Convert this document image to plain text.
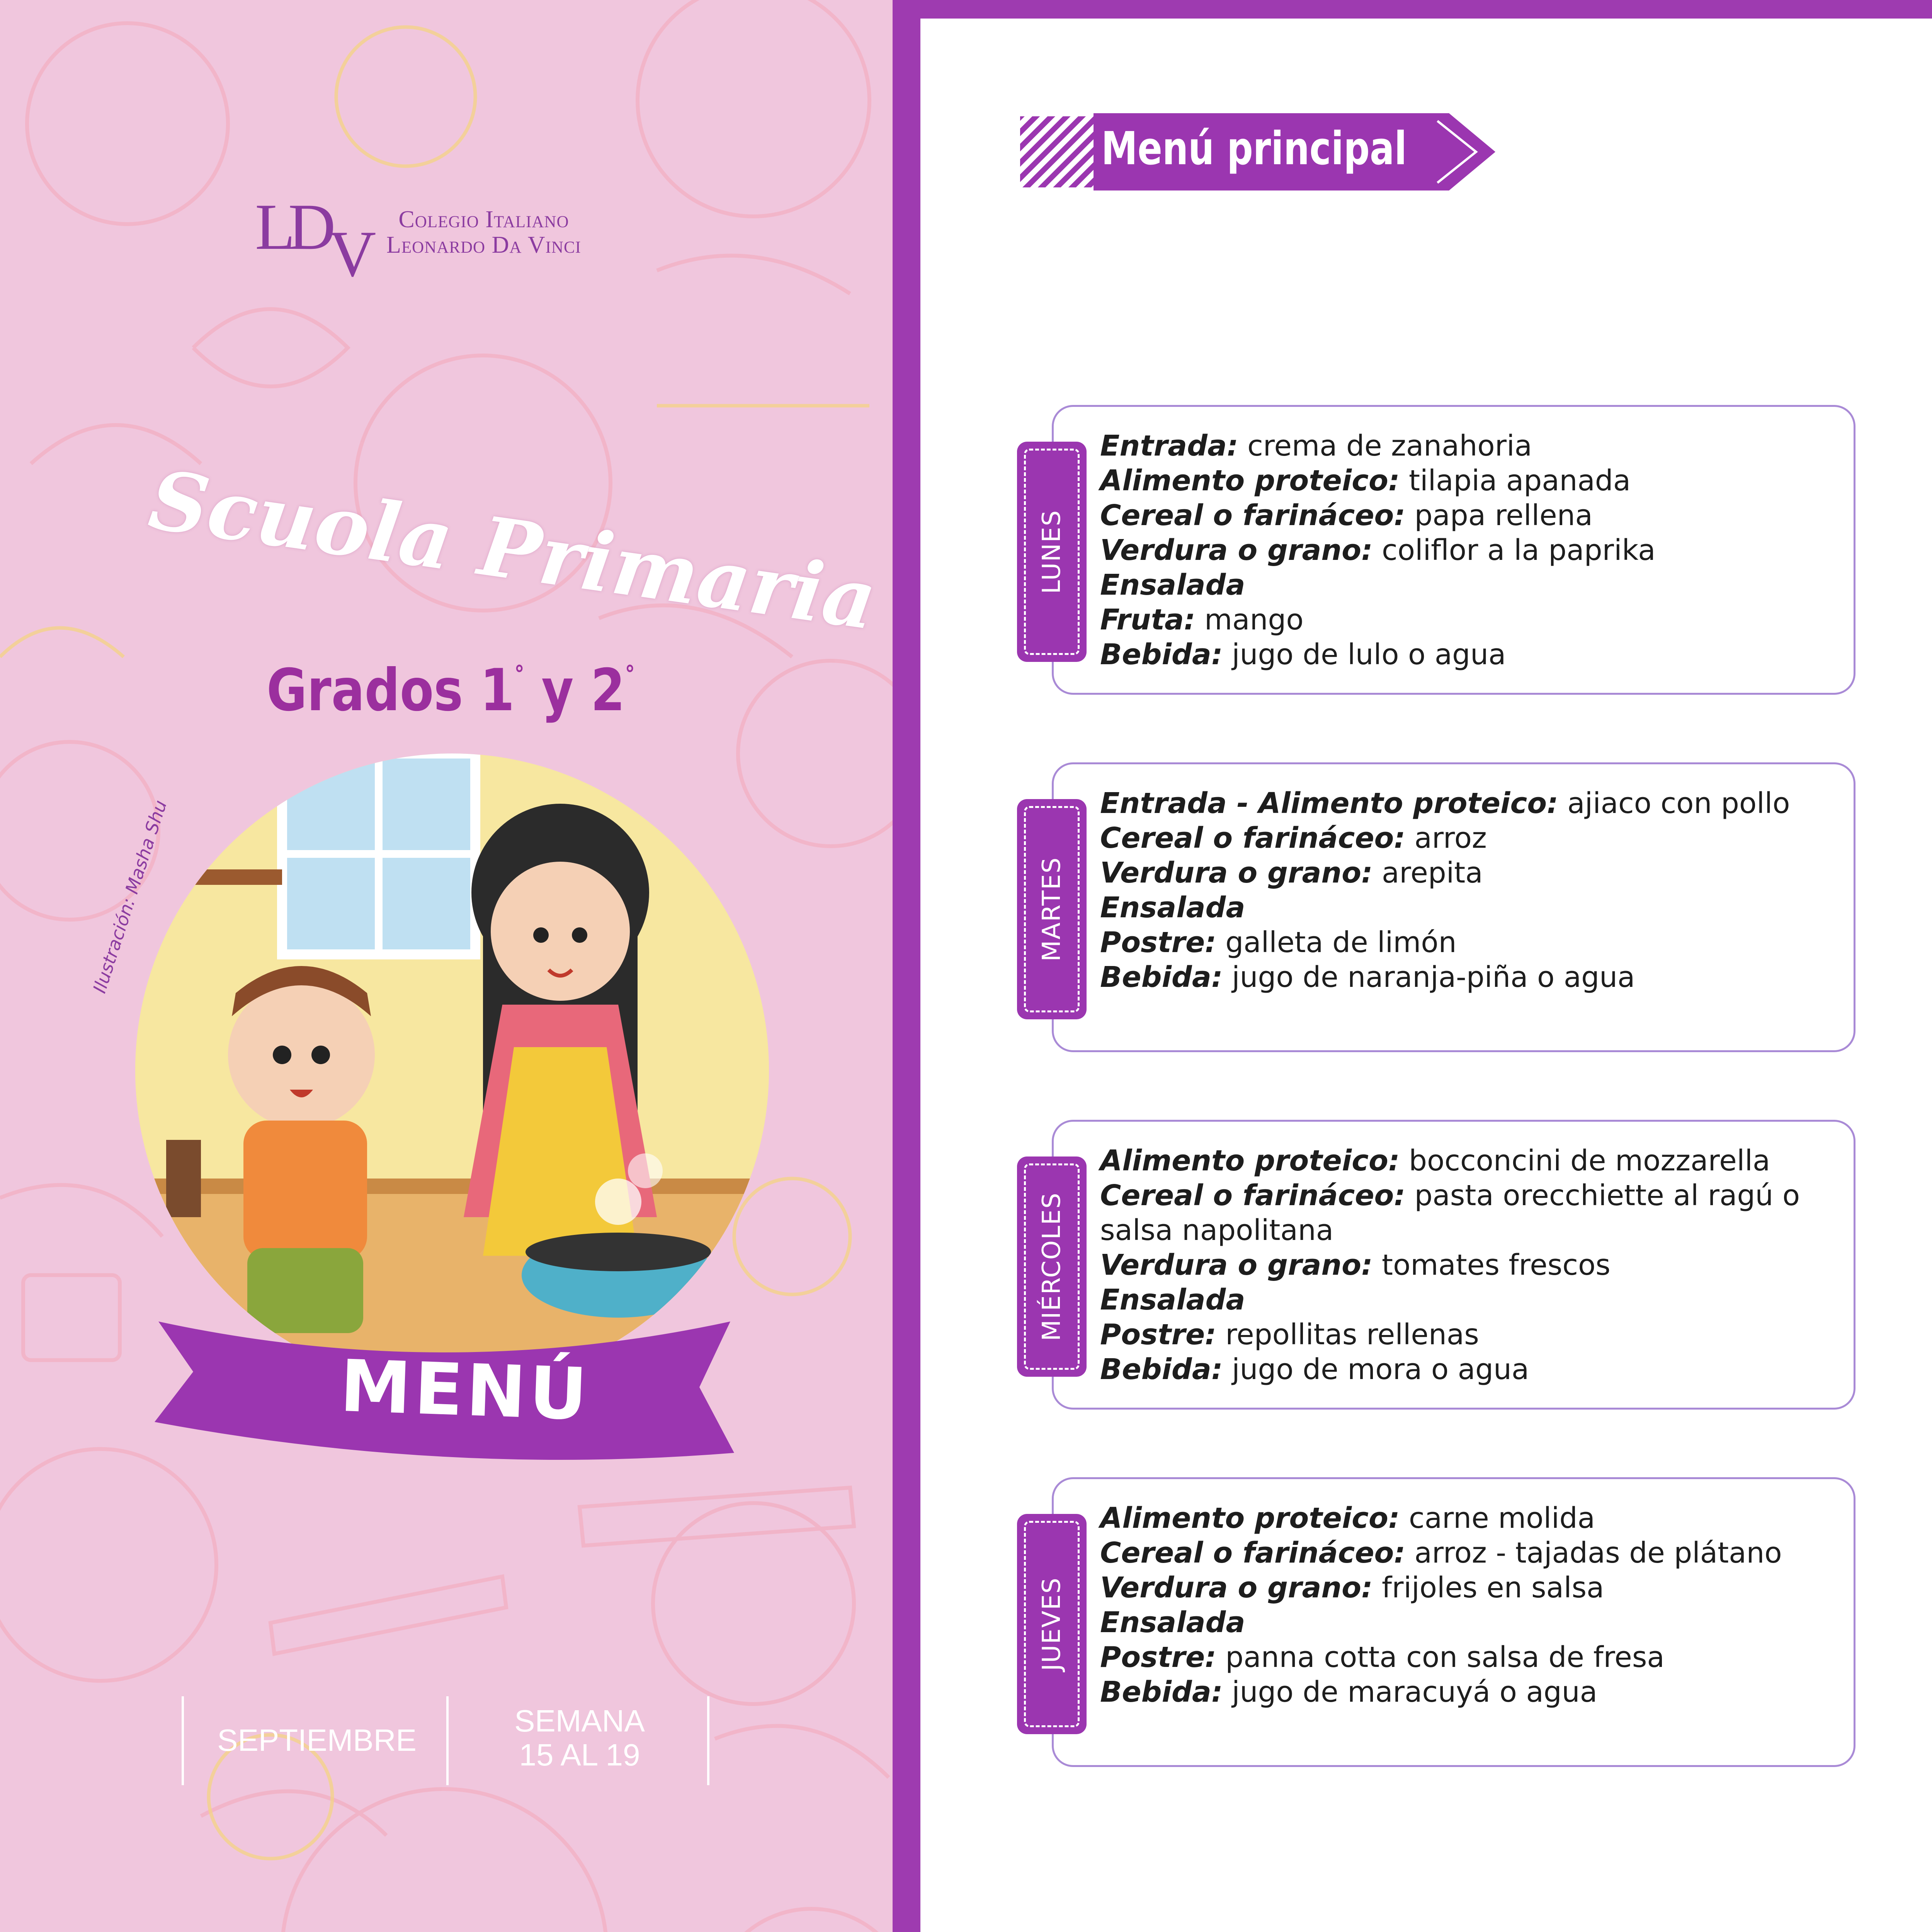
LDV	Colegio Italiano
Leonardo Da Vinci
Scuola Primaria
Grados 1° y 2°
Ilustración: Masha Shu
MENÚ
SEPTIEMBRE
SEMANA
15 AL 19
Menú principal
LUNES
Entrada: crema de zanahoria
Alimento proteico: tilapia apanada
Cereal o farináceo: papa rellena
Verdura o grano: coliflor a la paprika
Ensalada
Fruta: mango
Bebida: jugo de lulo o agua
MARTES
Entrada - Alimento proteico: ajiaco con pollo
Cereal o farináceo: arroz
Verdura o grano: arepita
Ensalada
Postre: galleta de limón
Bebida: jugo de naranja-piña o agua
MIÉRCOLES
Alimento proteico: bocconcini de mozzarella
Cereal o farináceo: pasta orecchiette al ragú o salsa napolitana
Verdura o grano: tomates frescos
Ensalada
Postre: repollitas rellenas
Bebida: jugo de mora o agua
JUEVES
Alimento proteico: carne molida
Cereal o farináceo: arroz - tajadas de plátano
Verdura o grano: frijoles en salsa
Ensalada
Postre: panna cotta con salsa de fresa
Bebida: jugo de maracuyá o agua
